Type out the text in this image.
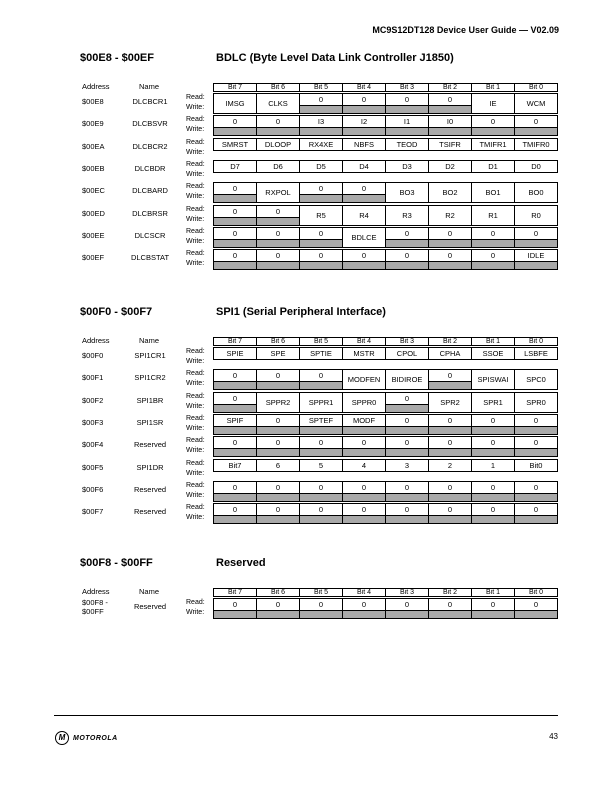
MC9S12DT128 Device User Guide — V02.09
$00E8 - $00EF	BDLC (Byte Level Data Link Controller J1850)
Address	Name	Bit 7	Bit 6	Bit 5	Bit 4	Bit 3	Bit 2	Bit 1	Bit 0
$00E8	DLCBCR1	Read:
Write:	IMSG	CLKS	0	0	0	0	IE	WCM

$00E9	DLCBSVR	Read:
Write:
0	0	I3	I2	I1	I0	0	0

$00EA	DLCBCR2	Read:
Write:
SMRST	DLOOP	RX4XE	NBFS	TEOD	TSIFR	TMIFR1	TMIFR0

$00EB	DLCBDR	Read:
Write:
D7	D6	D5	D4	D3	D2	D1	D0

$00EC	DLCBARD	Read:
Write:
0	RXPOL	0	0	BO3	BO2	BO1	BO0

$00ED	DLCBRSR	Read:
Write:
0	0	R5	R4	R3	R2	R1	R0

$00EE	DLCSCR	Read:
Write:
0	0	0	BDLCE	0	0	0	0

$00EF	DLCBSTAT	Read:
Write:
0	0	0	0	0	0	0	IDLE

$00F0 - $00F7	SPI1 (Serial Peripheral Interface)
Address	Name	Bit 7	Bit 6	Bit 5	Bit 4	Bit 3	Bit 2	Bit 1	Bit 0
$00F0	SPI1CR1	Read:
Write:
SPIE	SPE	SPTIE	MSTR	CPOL	CPHA	SSOE	LSBFE

$00F1	SPI1CR2	Read:
Write:
0	0	0	MODFEN	BIDIROE	0	SPISWAI	SPC0

$00F2	SPI1BR	Read:
Write:
0	SPPR2	SPPR1	SPPR0	0	SPR2	SPR1	SPR0

$00F3	SPI1SR	Read:
Write:
SPIF	0	SPTEF	MODF	0	0	0	0

$00F4	Reserved	Read:
Write:
0	0	0	0	0	0	0	0

$00F5	SPI1DR	Read:
Write:
Bit7	6	5	4	3	2	1	Bit0

$00F6	Reserved	Read:
Write:
0	0	0	0	0	0	0	0

$00F7	Reserved	Read:
Write:
0	0	0	0	0	0	0	0

$00F8 - $00FF	Reserved
Address	Name	Bit 7	Bit 6	Bit 5	Bit 4	Bit 3	Bit 2	Bit 1	Bit 0
$00F8 - $00FF	Reserved	Read:
Write:
0	0	0	0	0	0	0	0

M	MOTOROLA	43
